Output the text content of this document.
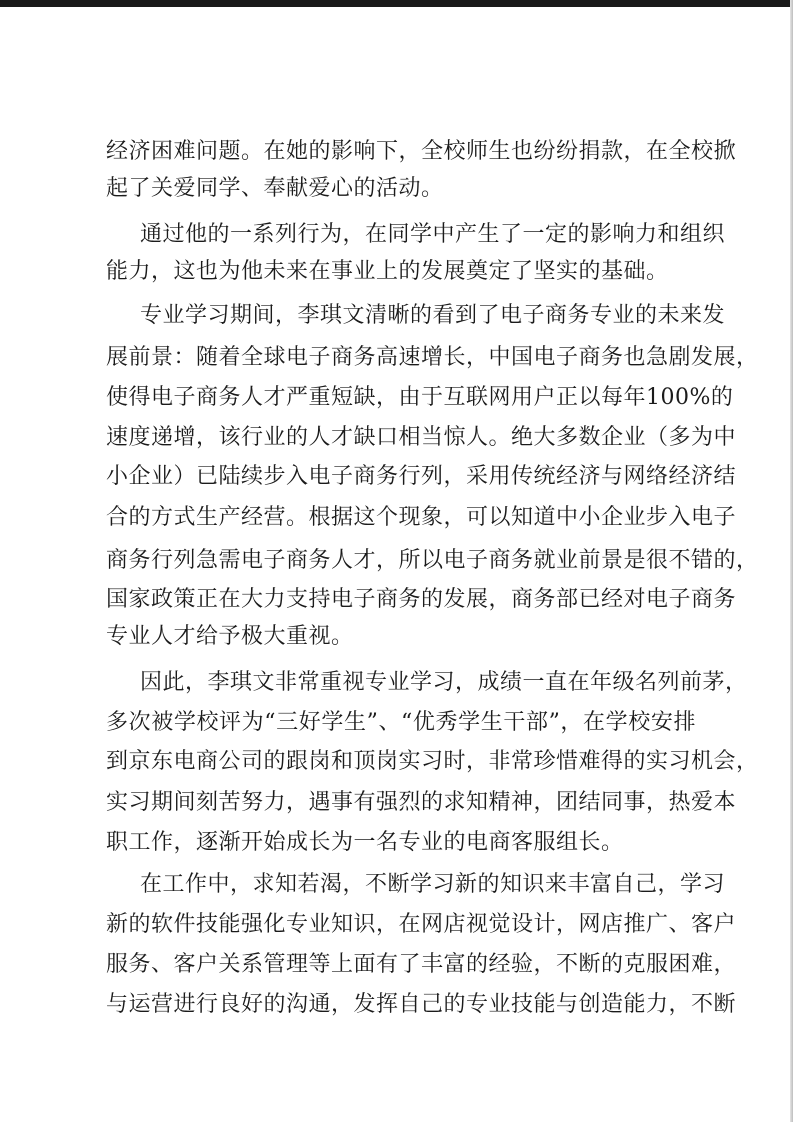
经济困难问题。在她的影响下，全校师生也纷纷捐款，在全校掀
起了关爱同学、奉献爱心的活动。
通过他的一系列行为，在同学中产生了一定的影响力和组织
能力，这也为他未来在事业上的发展奠定了坚实的基础。
专业学习期间，李琪文清晰的看到了电子商务专业的未来发
展前景：随着全球电子商务高速增长，中国电子商务也急剧发展，
使得电子商务人才严重短缺，由于互联网用户正以每年100%的
速度递增，该行业的人才缺口相当惊人。绝大多数企业（多为中
小企业）已陆续步入电子商务行列，采用传统经济与网络经济结
合的方式生产经营。根据这个现象，可以知道中小企业步入电子
商务行列急需电子商务人才，所以电子商务就业前景是很不错的，
国家政策正在大力支持电子商务的发展，商务部已经对电子商务
专业人才给予极大重视。
因此，李琪文非常重视专业学习，成绩一直在年级名列前茅，
多次被学校评为“三好学生”、“优秀学生干部”，在学校安排
到京东电商公司的跟岗和顶岗实习时，非常珍惜难得的实习机会，
实习期间刻苦努力，遇事有强烈的求知精神，团结同事，热爱本
职工作，逐渐开始成长为一名专业的电商客服组长。
在工作中，求知若渴，不断学习新的知识来丰富自己，学习
新的软件技能强化专业知识，在网店视觉设计，网店推广、客户
服务、客户关系管理等上面有了丰富的经验，不断的克服困难，
与运营进行良好的沟通，发挥自己的专业技能与创造能力，不断
